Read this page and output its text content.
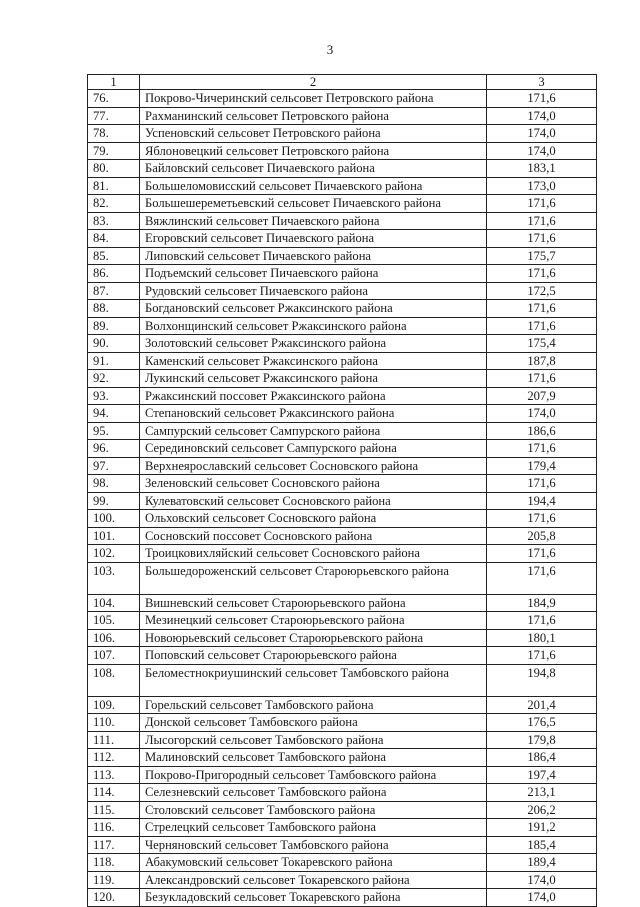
3
1	2	3
76.	Покрово-Чичеринский сельсовет Петровского района	171,6
77.	Рахманинский сельсовет Петровского района	174,0
78.	Успеновский сельсовет Петровского района	174,0
79.	Яблоновецкий сельсовет Петровского района	174,0
80.	Байловский сельсовет Пичаевского района	183,1
81.	Большеломовисский сельсовет Пичаевского района	173,0
82.	Большешереметьевский сельсовет Пичаевского района	171,6
83.	Вяжлинский сельсовет Пичаевского района	171,6
84.	Егоровский сельсовет Пичаевского района	171,6
85.	Липовский сельсовет Пичаевского района	175,7
86.	Подъемский сельсовет Пичаевского района	171,6
87.	Рудовский сельсовет Пичаевского района	172,5
88.	Богдановский сельсовет Ржаксинского района	171,6
89.	Волхонщинский сельсовет Ржаксинского района	171,6
90.	Золотовский сельсовет Ржаксинского района	175,4
91.	Каменский сельсовет Ржаксинского района	187,8
92.	Лукинский сельсовет Ржаксинского района	171,6
93.	Ржаксинский поссовет Ржаксинского района	207,9
94.	Степановский сельсовет Ржаксинского района	174,0
95.	Сампурский сельсовет Сампурского района	186,6
96.	Серединовский сельсовет Сампурского района	171,6
97.	Верхнеярославский сельсовет Сосновского района	179,4
98.	Зеленовский сельсовет Сосновского района	171,6
99.	Кулеватовский сельсовет Сосновского района	194,4
100.	Ольховский сельсовет Сосновского района	171,6
101.	Сосновский поссовет Сосновского района	205,8
102.	Троицковихляйский сельсовет Сосновского района	171,6
103.	Большедороженский сельсовет Староюрьевского района	171,6
104.	Вишневский сельсовет Староюрьевского района	184,9
105.	Мезинецкий сельсовет Староюрьевского района	171,6
106.	Новоюрьевский сельсовет Староюрьевского района	180,1
107.	Поповский сельсовет Староюрьевского района	171,6
108.	Беломестнокриушинский сельсовет Тамбовского района	194,8
109.	Горельский сельсовет Тамбовского района	201,4
110.	Донской сельсовет Тамбовского района	176,5
111.	Лысогорский сельсовет Тамбовского района	179,8
112.	Малиновский сельсовет Тамбовского района	186,4
113.	Покрово-Пригородный сельсовет Тамбовского района	197,4
114.	Селезневский сельсовет Тамбовского района	213,1
115.	Столовский сельсовет Тамбовского района	206,2
116.	Стрелецкий сельсовет Тамбовского района	191,2
117.	Черняновский сельсовет Тамбовского района	185,4
118.	Абакумовский сельсовет Токаревского района	189,4
119.	Александровский сельсовет Токаревского района	174,0
120.	Безукладовский сельсовет Токаревского района	174,0
